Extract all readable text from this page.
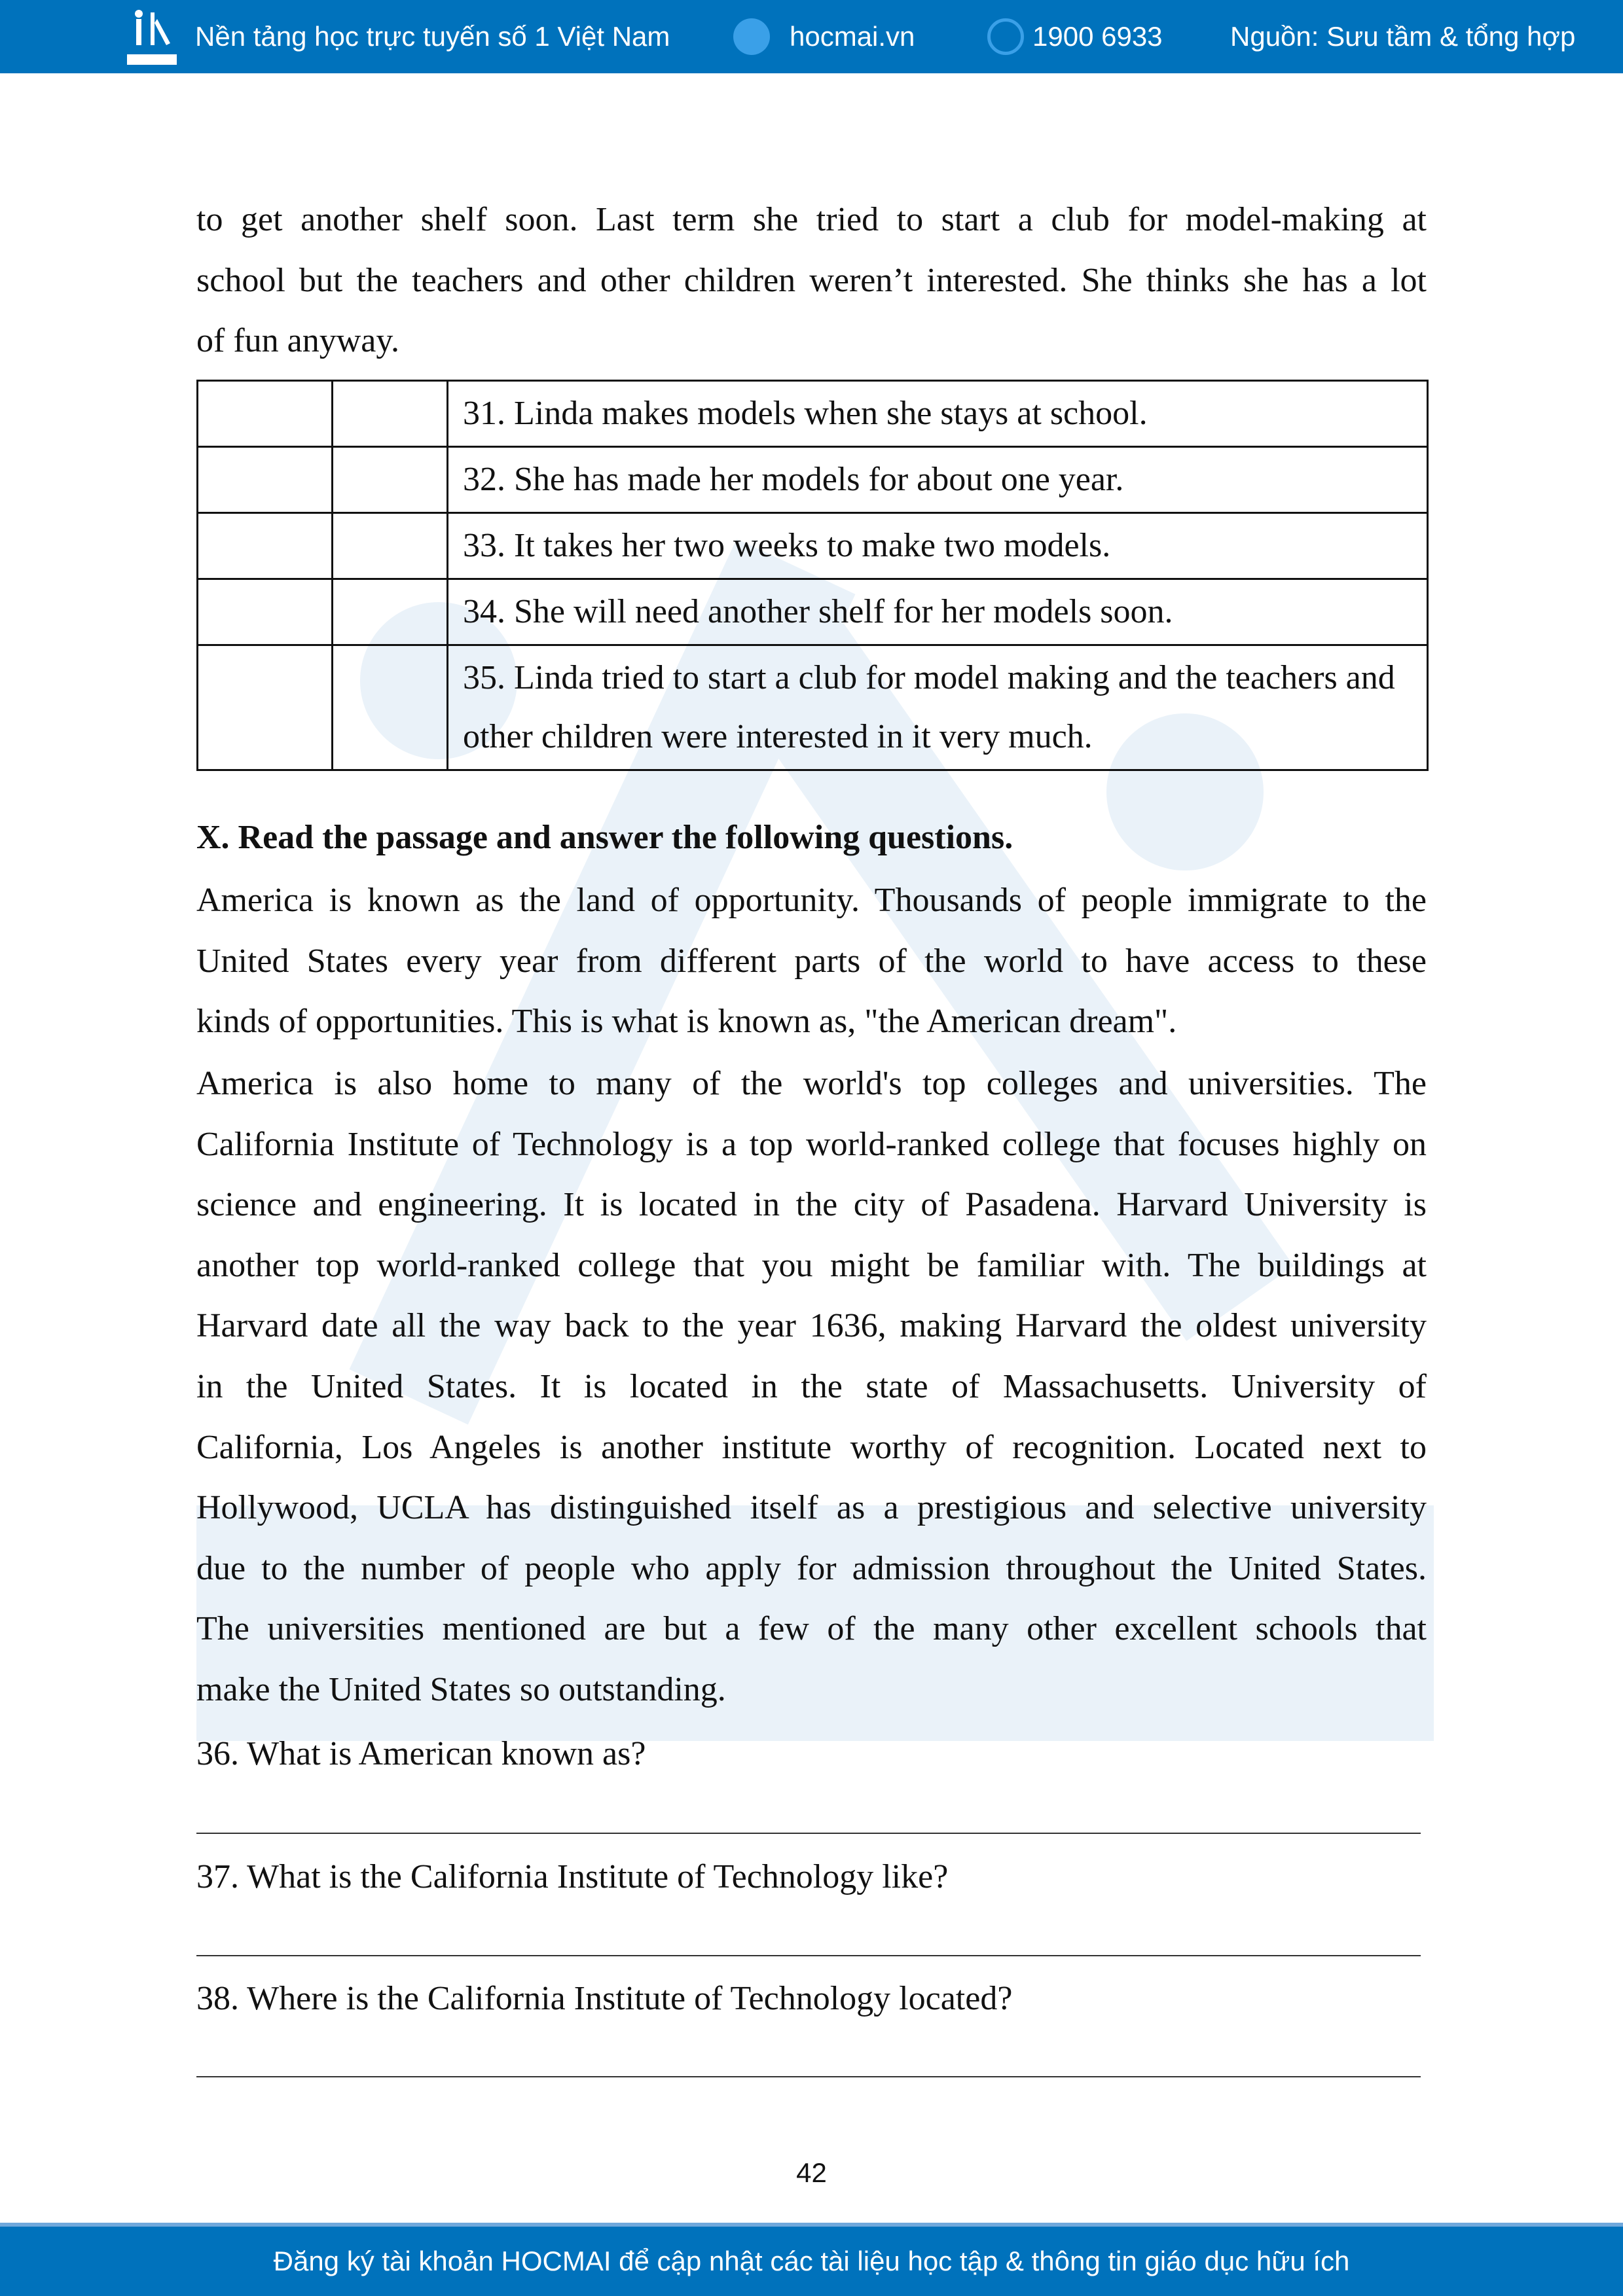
Nền tảng học trực tuyến số 1 Việt Nam	hocmai.vn	1900 6933 Nguồn: Sưu tầm & tổng hợp
to get another shelf soon. Last term she tried to start a club for model-making at
school but the teachers and other children weren’t interested. She thinks she has a lot
of fun anyway.
X. Read the passage and answer the following questions.
America is known as the land of opportunity. Thousands of people immigrate to the
United States every year from different parts of the world to have access to these
kinds of opportunities. This is what is known as, "the American dream".
America is also home to many of the world's top colleges and universities. The
California Institute of Technology is a top world-ranked college that focuses highly on
science and engineering. It is located in the city of Pasadena. Harvard University is
another top world-ranked college that you might be familiar with. The buildings at
Harvard date all the way back to the year 1636, making Harvard the oldest university
in the United States. It is located in the state of Massachusetts. University of
California, Los Angeles is another institute worthy of recognition. Located next to
Hollywood, UCLA has distinguished itself as a prestigious and selective university
due to the number of people who apply for admission throughout the United States.
The universities mentioned are but a few of the many other excellent schools that
make the United States so outstanding.
36. What is American known as?
37. What is the California Institute of Technology like?
38. Where is the California Institute of Technology located?
		31. Linda makes models when she stays at school.
		32. She has made her models for about one year.
		33. It takes her two weeks to make two models.
		34. She will need another shelf for her models soon.
		35. Linda tried to start a club for model making and the teachers and other children were interested in it very much.
42
Đăng ký tài khoản HOCMAI để cập nhật các tài liệu học tập & thông tin giáo dục hữu ích
